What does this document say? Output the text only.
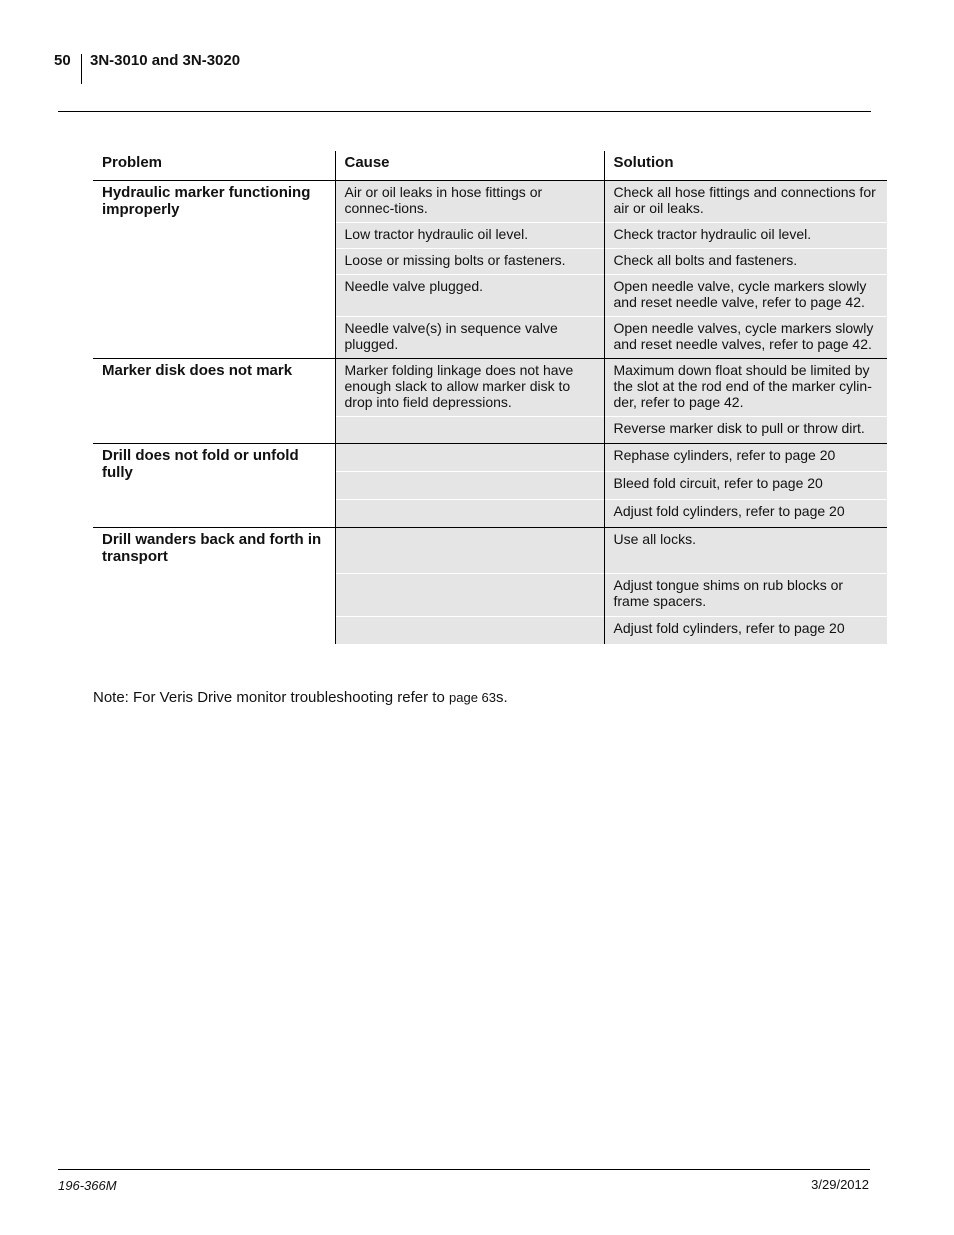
50 3N-3010 and 3N-3020
Problem	Cause	Solution
Hydraulic marker functioning improperly	Air or oil leaks in hose fittings or connec-tions.	Check all hose fittings and connections for air or oil leaks.
	Low tractor hydraulic oil level.	Check tractor hydraulic oil level.
	Loose or missing bolts or fasteners.	Check all bolts and fasteners.
	Needle valve plugged.	Open needle valve, cycle markers slowly and reset needle valve, refer to page 42.
	Needle valve(s) in sequence valve plugged.	Open needle valves, cycle markers slowly and reset needle valves, refer to page 42.
Marker disk does not mark	Marker folding linkage does not have enough slack to allow marker disk to drop into field depressions.	Maximum down float should be limited by the slot at the rod end of the marker cylin-der, refer to page 42.
		Reverse marker disk to pull or throw dirt.
Drill does not fold or unfold fully		Rephase cylinders, refer to page 20
		Bleed fold circuit, refer to page 20
		Adjust fold cylinders, refer to page 20
Drill wanders back and forth in transport		Use all locks.
		Adjust tongue shims on rub blocks or frame spacers.
		Adjust fold cylinders, refer to page 20
Note: For Veris Drive monitor troubleshooting refer to page 63s.
196-366M	3/29/2012
